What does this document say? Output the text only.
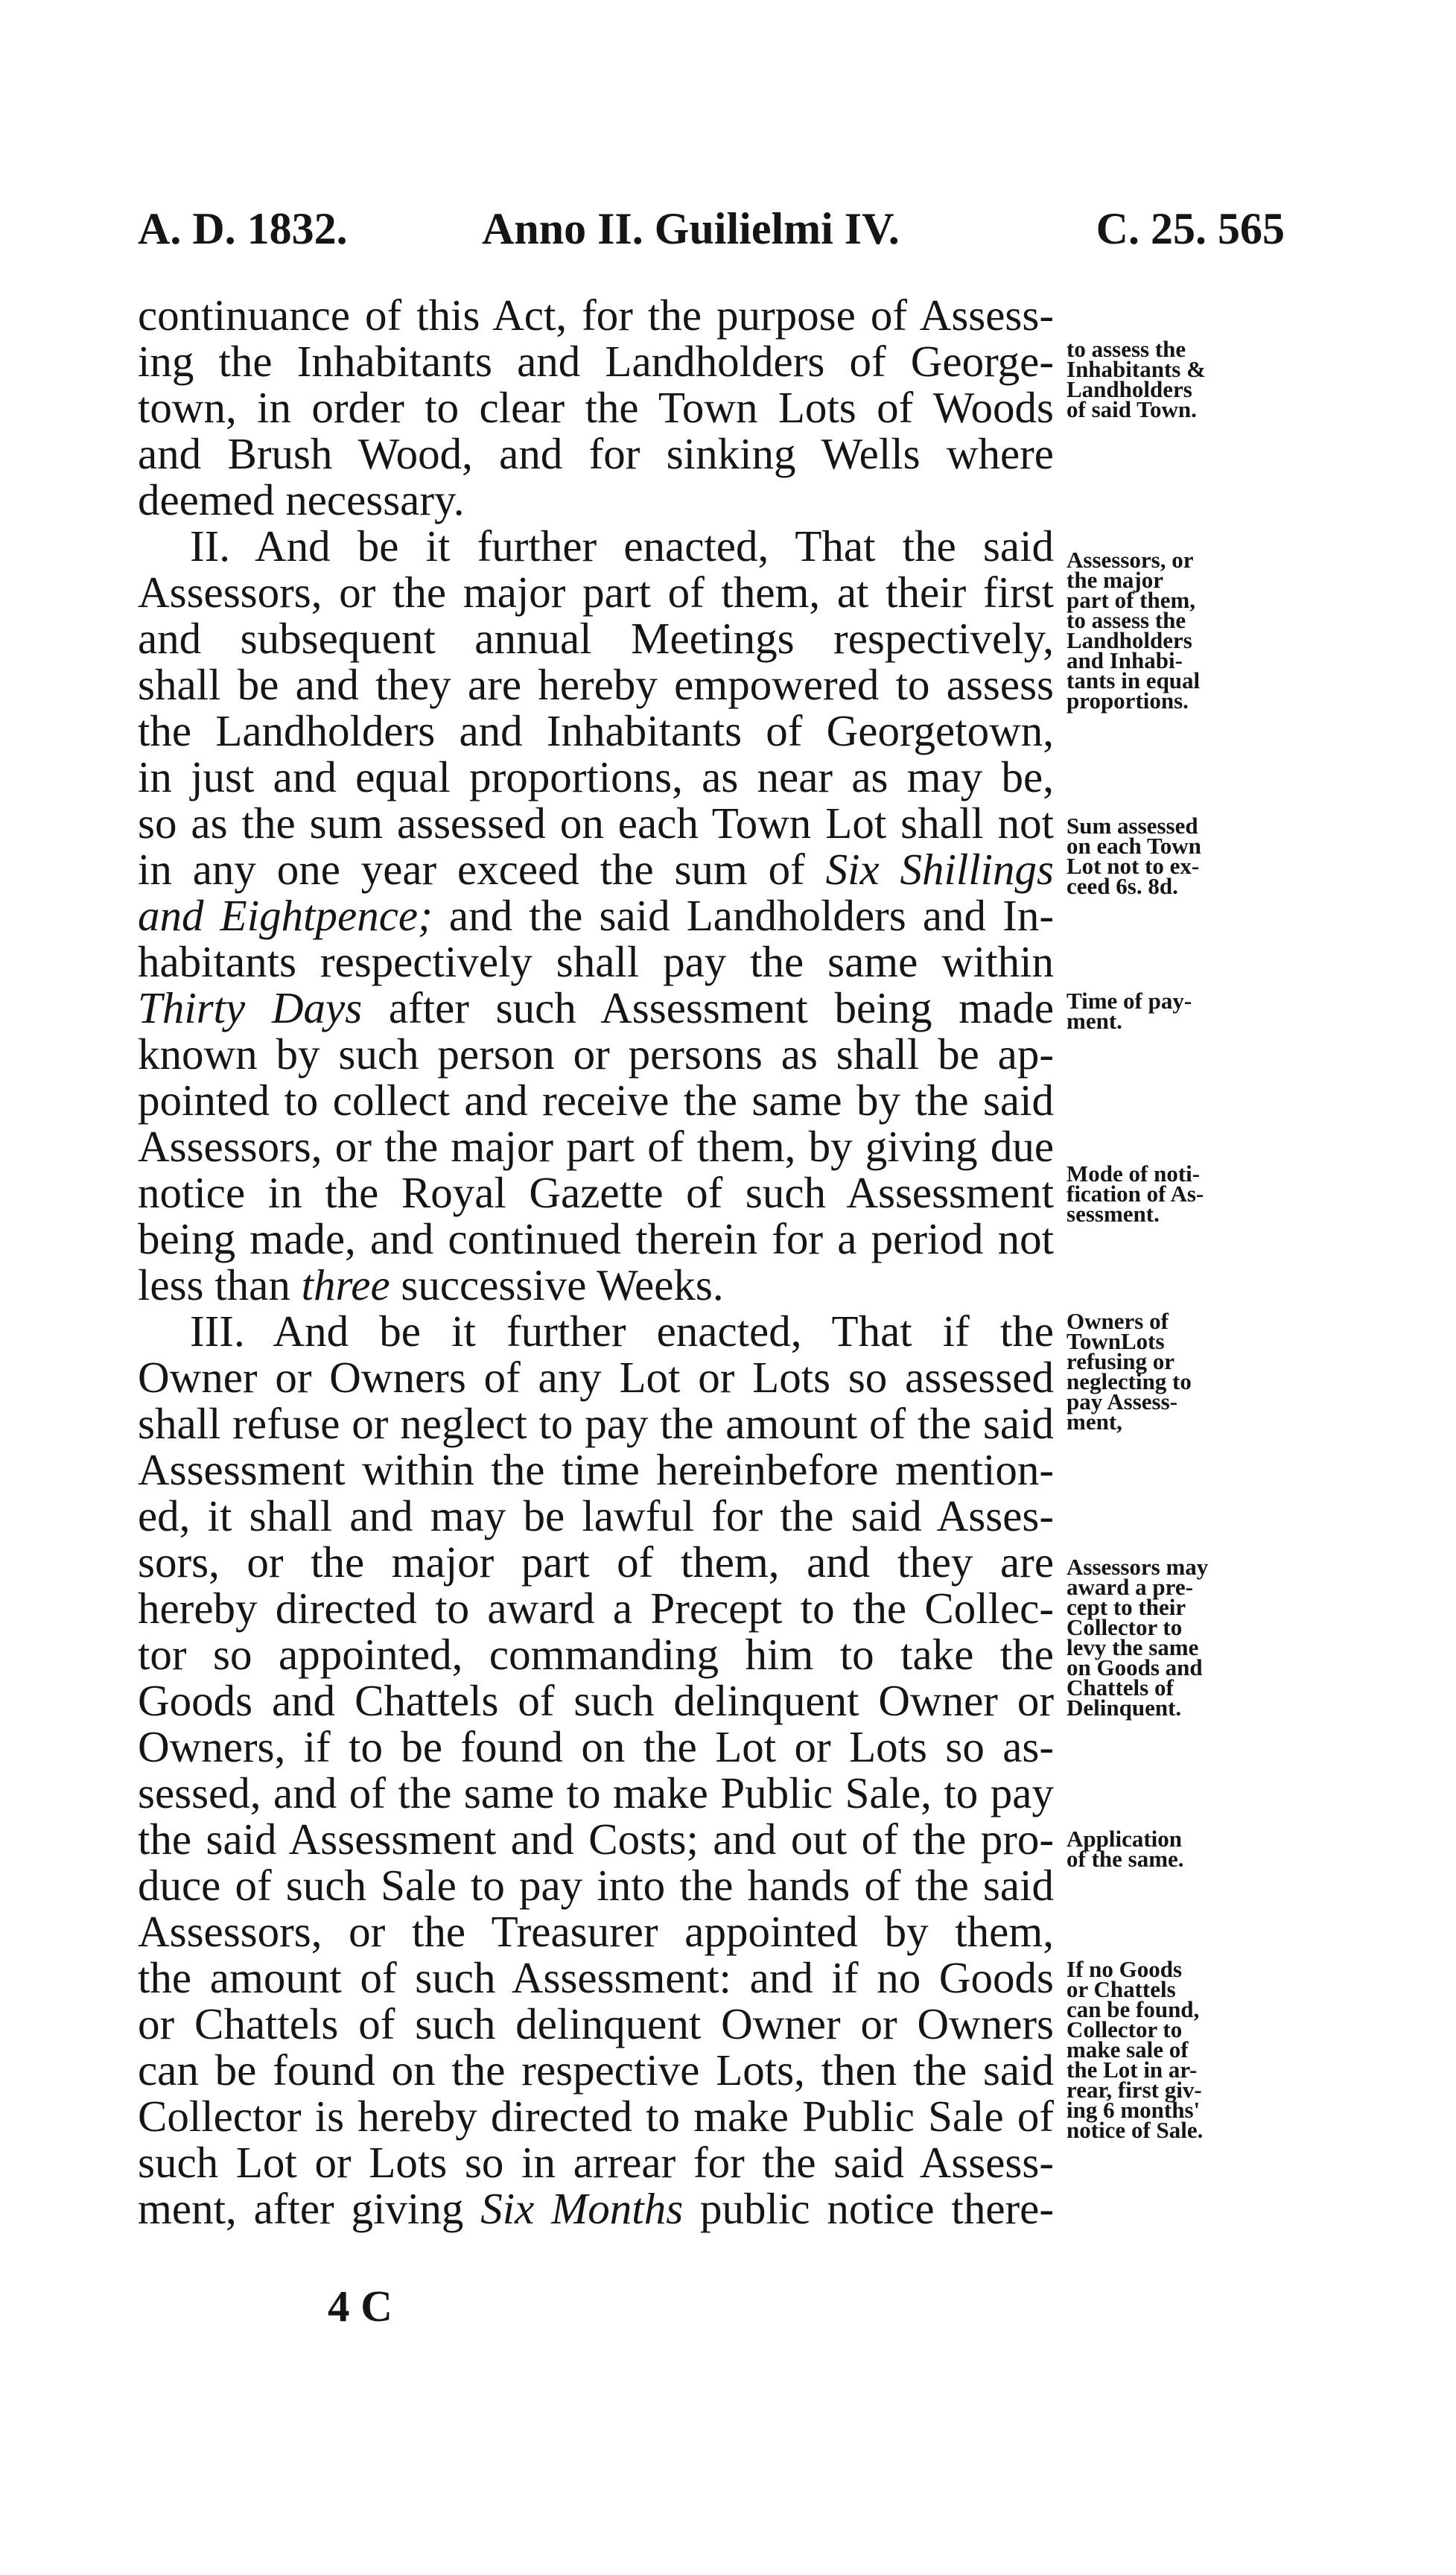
A. D. 1832.	Anno II. Guilielmi IV.	C. 25. 565
continuance of this Act, for the purpose of Assess-
ing the Inhabitants and Landholders of George-
town, in order to clear the Town Lots of Woods
and Brush Wood, and for sinking Wells where
deemed necessary.
II. And be it further enacted, That the said
Assessors, or the major part of them, at their first
and subsequent annual Meetings respectively,
shall be and they are hereby empowered to assess
the Landholders and Inhabitants of Georgetown,
in just and equal proportions, as near as may be,
so as the sum assessed on each Town Lot shall not
in any one year exceed the sum of Six Shillings
and Eightpence; and the said Landholders and In-
habitants respectively shall pay the same within
Thirty Days after such Assessment being made
known by such person or persons as shall be ap-
pointed to collect and receive the same by the said
Assessors, or the major part of them, by giving due
notice in the Royal Gazette of such Assessment
being made, and continued therein for a period not
less than three successive Weeks.
III. And be it further enacted, That if the
Owner or Owners of any Lot or Lots so assessed
shall refuse or neglect to pay the amount of the said
Assessment within the time hereinbefore mention-
ed, it shall and may be lawful for the said Asses-
sors, or the major part of them, and they are
hereby directed to award a Precept to the Collec-
tor so appointed, commanding him to take the
Goods and Chattels of such delinquent Owner or
Owners, if to be found on the Lot or Lots so as-
sessed, and of the same to make Public Sale, to pay
the said Assessment and Costs; and out of the pro-
duce of such Sale to pay into the hands of the said
Assessors, or the Treasurer appointed by them,
the amount of such Assessment: and if no Goods
or Chattels of such delinquent Owner or Owners
can be found on the respective Lots, then the said
Collector is hereby directed to make Public Sale of
such Lot or Lots so in arrear for the said Assess-
ment, after giving Six Months public notice there-
to assess the
Inhabitants &
Landholders
of said Town.
Assessors, or
the major
part of them,
to assess the
Landholders
and Inhabi-
tants in equal
proportions.
Sum assessed
on each Town
Lot not to ex-
ceed 6s. 8d.
Time of pay-
ment.
Mode of noti-
fication of As-
sessment.
Owners of
TownLots
refusing or
neglecting to
pay Assess-
ment,
Assessors may
award a pre-
cept to their
Collector to
levy the same
on Goods and
Chattels of
Delinquent.
Application
of the same.
If no Goods
or Chattels
can be found,
Collector to
make sale of
the Lot in ar-
rear, first giv-
ing 6 months'
notice of Sale.
4 C
